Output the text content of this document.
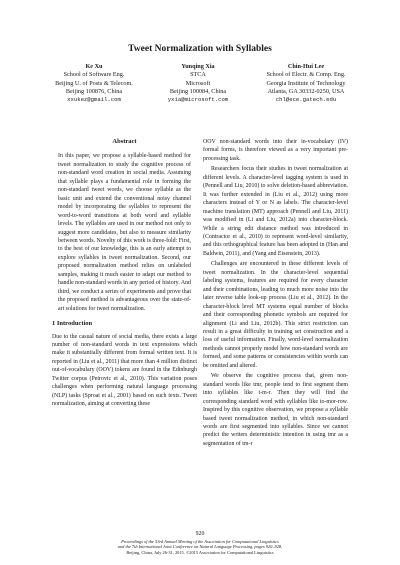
Tweet Normalization with Syllables
Ke Xu
School of Software Eng.
Beijing U. of Posts & Telecom.
Beijing 100876, China
xxukez@gmail.com
Yunqing Xia
STCA
Microsoft
Beijing 100084, China
yxia@microsoft.com
Chin-Hui Lee
School of Electr. & Comp. Eng.
Georgia Institute of Technology
Atlanta, GA 30332-0250, USA
chl@ece.gatech.edu
Abstract

In this paper, we propose a syllable-based method for tweet normalization to study the cognitive process of non-standard word creation in social media. Assuming that syllable plays a fundamental role in forming the non-standard tweet words, we choose syllable as the basic unit and extend the conventional noisy channel model by incorporating the syllables to represent the word-to-word transitions at both word and syllable levels. The syllables are used in our method not only to suggest more candidates, but also to measure similarity between words. Novelty of this work is three-fold: First, to the best of our knowledge, this is an early attempt to explore syllables in tweet normalization. Second, our proposed normalization method relies on unlabeled samples, making it much easier to adapt our method to handle non-standard words in any period of history. And third, we conduct a series of experiments and prove that the proposed method is advantageous over the state-of-art solutions for tweet normalization.

1 Introduction

Due to the casual nature of social media, there exists a large number of non-standard words in text expressions which make it substantially different from formal written text. It is reported in (Liu et al., 2011) that more than 4 million distinct out-of-vocabulary (OOV) tokens are found in the Edinburgh Twitter corpus (Petrovic et al., 2010). This variation poses challenges when performing natural language processing (NLP) tasks (Sproat et al., 2001) based on such texts. Tweet normalization, aiming at converting these

OOV non-standard words into their in-vocabulary (IV) formal forms, is therefore viewed as a very important pre-processing task.

Researchers focus their studies in tweet normalization at different levels. A character-level tagging system is used in (Pennell and Liu, 2010) to solve deletion-based abbreviation. It was further extended in (Liu et al., 2012) using more characters instead of Y or N as labels. The character-level machine translation (MT) approach (Pennell and Liu, 2011) was modified in (Li and Liu, 2012a) into character-block. While a string edit distance method was introduced in (Contractor et al., 2010) to represent word-level similarity, and this orthographical feature has been adopted in (Han and Baldwin, 2011), and (Yang and Eisenstein, 2013).

Challenges are encountered in these different levels of tweet normalization. In the character-level sequential labeling systems, features are required for every character and their combinations, leading to much more noise into the later reverse table look-up process (Liu et al., 2012). In the character-block level MT systems equal number of blocks and their corresponding phonetic symbols are required for alignment (Li and Liu, 2012b). This strict restriction can result in a great difficulty in training set construction and a loss of useful information. Finally, word-level normalization methods cannot properly model how non-standard words are formed, and some patterns or consistencies within words can be omitted and altered.

We observe the cognitive process that, given non-standard words like tmr, people tend to first segment them into syllables like t-m-r. Then they will find the corresponding standard word with syllables like to-mor-row. Inspired by this cognitive observation, we propose a syllable based tweet normalization method, in which non-standard words are first segmented into syllables. Since we cannot predict the writers deterministic intention in using tmr as a segmentation of tm-r

920
Proceedings of the 53rd Annual Meeting of the Association for Computational Linguistics
and the 7th International Joint Conference on Natural Language Processing, pages 920–928,
Beijing, China, July 26-31, 2015. ©2015 Association for Computational Linguistics
